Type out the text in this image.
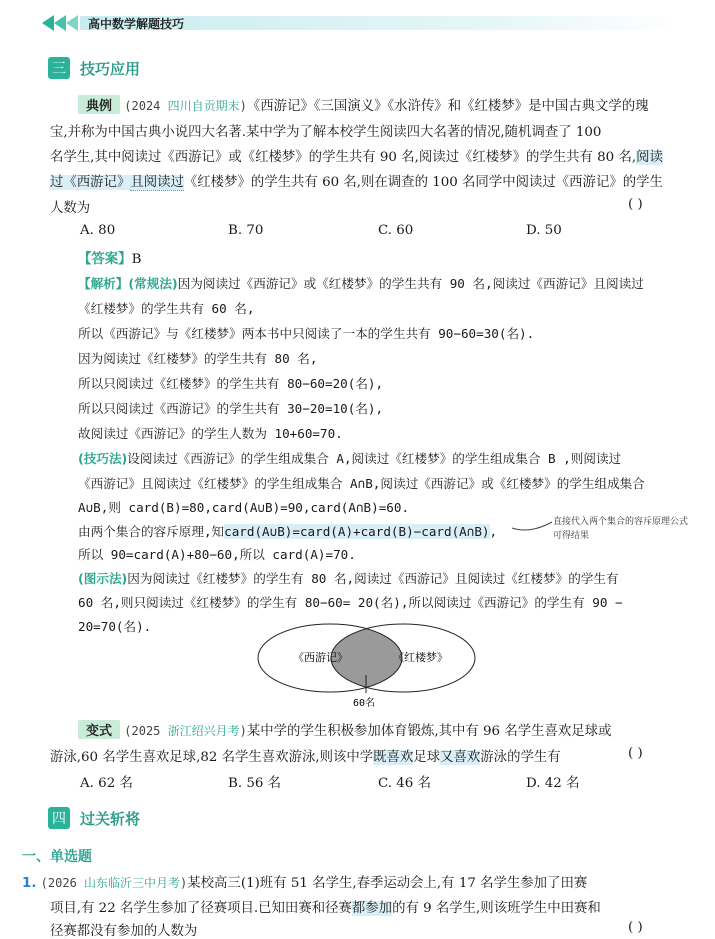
高中数学解题技巧
三 技巧应用
典例 (2024 四川自贡期末)《西游记》《三国演义》《水浒传》和《红楼梦》是中国古典文学的瑰
宝,并称为中国古典小说四大名著.某中学为了解本校学生阅读四大名著的情况,随机调查了 100
名学生,其中阅读过《西游记》或《红楼梦》的学生共有 90 名,阅读过《红楼梦》的学生共有 80 名,阅读
过《西游记》且阅读过《红楼梦》的学生共有 60 名,则在调查的 100 名同学中阅读过《西游记》的学生
人数为	( )
A. 80	B. 70	C. 60	D. 50
【答案】B
【解析】(常规法)因为阅读过《西游记》或《红楼梦》的学生共有 90 名,阅读过《西游记》且阅读过
《红楼梦》的学生共有 60 名,
所以《西游记》与《红楼梦》两本书中只阅读了一本的学生共有 90−60=30(名).
因为阅读过《红楼梦》的学生共有 80 名,
所以只阅读过《红楼梦》的学生共有 80−60=20(名),
所以只阅读过《西游记》的学生共有 30−20=10(名),
故阅读过《西游记》的学生人数为 10+60=70.
(技巧法)设阅读过《西游记》的学生组成集合 A,阅读过《红楼梦》的学生组成集合 B ,则阅读过
《西游记》且阅读过《红楼梦》的学生组成集合 A∩B,阅读过《西游记》或《红楼梦》的学生组成集合
A∪B,则 card(B)=80,card(A∪B)=90,card(A∩B)=60.
由两个集合的容斥原理,知card(A∪B)=card(A)+card(B)−card(A∩B),
直接代入两个集合的容斥原理公式可得结果
所以 90=card(A)+80−60,所以 card(A)=70.
(图示法)因为阅读过《红楼梦》的学生有 80 名,阅读过《西游记》且阅读过《红楼梦》的学生有
60 名,则只阅读过《红楼梦》的学生有 80−60= 20(名),所以阅读过《西游记》的学生有 90 −
20=70(名).
《西游记》	《红楼梦》
60名
变式 (2025 浙江绍兴月考)某中学的学生积极参加体育锻炼,其中有 96 名学生喜欢足球或
游泳,60 名学生喜欢足球,82 名学生喜欢游泳,则该中学既喜欢足球又喜欢游泳的学生有	( )
A. 62 名	B. 56 名	C. 46 名	D. 42 名
四 过关斩将
一、单选题
1. (2026 山东临沂三中月考)某校高三(1)班有 51 名学生,春季运动会上,有 17 名学生参加了田赛
项目,有 22 名学生参加了径赛项目.已知田赛和径赛都参加的有 9 名学生,则该班学生中田赛和
径赛都没有参加的人数为	( )
